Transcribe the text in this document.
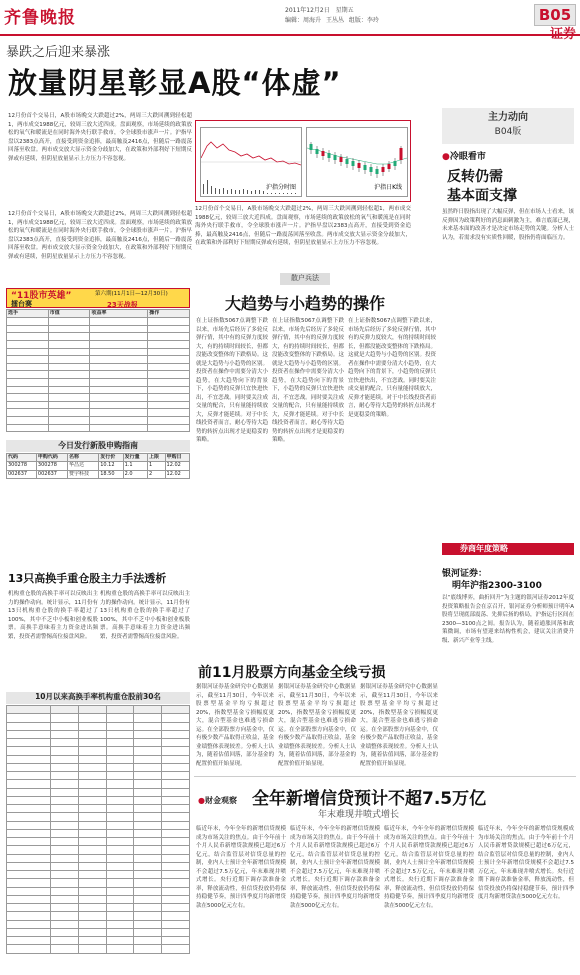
齐鲁晚报	2011年12月2日 星期五
编辑：周海升 王丛丛 组版：李玲	B05
证券
暴跌之后迎来暴涨
放量阴星彰显A股“体虚”
主力动向
B04版
12月份首个交易日，A股市场晚交大跌超过2%，两周三大跌回溯到轻松超1，两市成交1988亿元，较周三放大近四成。盘面观察，市场延续的政策放松的氧气和暖流是在同时海外央行联手救市，令全球股市涨声一片。沪指早盘以2383点高开，直接受到资金追捧，最高触及2416点，但随后一路震荡回落至收盘。两市成交放大显示资金分歧加大，在政策和外部利好下短期反弹或有延续，但阴星放量显示上方压力不容忽视。
沪指分时图	沪指日K线
12月份首个交易日，A股市场晚交大跌超过2%，两周三大跌回溯到轻松超1，两市成交1988亿元，较周三放大近四成。盘面观察，市场延续的政策放松的氧气和暖流是在同时海外央行联手救市，令全球股市涨声一片。沪指早盘以2383点高开，直接受到资金追捧，最高触及2416点，但随后一路震荡回落至收盘。两市成交放大显示资金分歧加大，在政策和外部利好下短期反弹或有延续，但阴星放量显示上方压力不容忽视。
12月份首个交易日，A股市场晚交大跌超过2%，两周三大跌回溯到轻松超1，两市成交1988亿元，较周三放大近四成。盘面观察，市场延续的政策放松的氧气和暖流是在同时海外央行联手救市，令全球股市涨声一片。沪指早盘以2383点高开，直接受到资金追捧，最高触及2416点，但随后一路震荡回落至收盘。两市成交放大显示资金分歧加大，在政策和外部利好下短期反弹或有延续，但阴星放量显示上方压力不容忽视。
●冷眼看市
反转仍需
基本面支撑
虽然昨日股指出现了大幅反弹，但在市场人士看来，该反弹因为政策利好的消息面刺激为主，难言底部已现，未来基本面的改善才是决定市场走势的关键。分析人士认为，若需求没有实质性回暖，股指仍将面临压力。
“11股市英雄”
擂台赛
第六期(11月1日—12月30日)
23天战报
选手	市值	收益率	操作

今日发行新股申购指南
代码	申购代码	名称	发行价	发行量	上限	申购日
300278	300278	华昌达	10.12	1.1	1	12.02
002637	002637	赞宇科技	18.50	2.0	2	12.02
13只高换手重仓股主力手法透析
机构重仓股的高换手率可以反映出主力的操作动向。统计显示，11月份有13只机构重仓股的换手率超过了100%，其中不乏中小板和创业板股票。高换手意味着主力资金进出频繁，投资者需警惕高位接盘风险。
机构重仓股的高换手率可以反映出主力的操作动向。统计显示，11月份有13只机构重仓股的换手率超过了100%，其中不乏中小板和创业板股票。高换手意味着主力资金进出频繁，投资者需警惕高位接盘风险。
10月以来高换手率机构重仓股前30名

散户兵法
大趋势与小趋势的操作
在上证指数5067点调整下跌以来，市场先后经历了多轮反弹行情，其中有的反弹力度较大，有的持续时间较长，但都没能改变整体的下跌格局。这就是大趋势与小趋势的区别。投资者在操作中需要分清大小趋势，在大趋势向下的背景下，小趋势的反弹只宜快进快出，不宜恋战。同时要关注成交量的配合，只有量能持续放大，反弹才能延续。对于中长线投资者而言，耐心等待大趋势的转折点出现才是更稳妥的策略。
在上证指数5067点调整下跌以来，市场先后经历了多轮反弹行情，其中有的反弹力度较大，有的持续时间较长，但都没能改变整体的下跌格局。这就是大趋势与小趋势的区别。投资者在操作中需要分清大小趋势，在大趋势向下的背景下，小趋势的反弹只宜快进快出，不宜恋战。同时要关注成交量的配合，只有量能持续放大，反弹才能延续。对于中长线投资者而言，耐心等待大趋势的转折点出现才是更稳妥的策略。
在上证指数5067点调整下跌以来，市场先后经历了多轮反弹行情，其中有的反弹力度较大，有的持续时间较长，但都没能改变整体的下跌格局。这就是大趋势与小趋势的区别。投资者在操作中需要分清大小趋势，在大趋势向下的背景下，小趋势的反弹只宜快进快出，不宜恋战。同时要关注成交量的配合，只有量能持续放大，反弹才能延续。对于中长线投资者而言，耐心等待大趋势的转折点出现才是更稳妥的策略。
券商年度策略
银河证券：
明年沪指2300-3100
以“底线博弈，曲折回升”为主题的银河证券2012年度投资策略报告会在京召开，银河证券分析师预计明年A股将呈现底部震荡、先抑后扬的格局，沪指运行区间在2300—3100点之间。报告认为，随着通胀回落和政策微调，市场有望迎来结构性机会，建议关注消费升级、新兴产业等主线。
前11月股票方向基金全线亏损
据银河证券基金研究中心数据显示，截至11月30日，今年以来股票型基金平均亏损超过20%，指数型基金亏损幅度更大，混合型基金也难逃亏损命运。在全部股票方向基金中，仅有极少数产品取得正收益，基金业绩整体表现较差。分析人士认为，随着估值回落，部分基金的配置价值开始显现。
据银河证券基金研究中心数据显示，截至11月30日，今年以来股票型基金平均亏损超过20%，指数型基金亏损幅度更大，混合型基金也难逃亏损命运。在全部股票方向基金中，仅有极少数产品取得正收益，基金业绩整体表现较差。分析人士认为，随着估值回落，部分基金的配置价值开始显现。
据银河证券基金研究中心数据显示，截至11月30日，今年以来股票型基金平均亏损超过20%，指数型基金亏损幅度更大，混合型基金也难逃亏损命运。在全部股票方向基金中，仅有极少数产品取得正收益，基金业绩整体表现较差。分析人士认为，随着估值回落，部分基金的配置价值开始显现。
●财金观察 全年新增信贷预计不超7.5万亿
年末难现井喷式增长
临近年末，今年全年的新增信贷规模成为市场关注的焦点。由于今年前十个月人民币新增贷款规模已超过6万亿元，结合监管层对信贷总量的控制，业内人士预计全年新增信贷规模不会超过7.5万亿元，年末难现井喷式增长。央行近期下调存款准备金率，释放流动性，但信贷投放仍将保持稳健节奏，预计四季度月均新增贷款在5000亿元左右。
临近年末，今年全年的新增信贷规模成为市场关注的焦点。由于今年前十个月人民币新增贷款规模已超过6万亿元，结合监管层对信贷总量的控制，业内人士预计全年新增信贷规模不会超过7.5万亿元，年末难现井喷式增长。央行近期下调存款准备金率，释放流动性，但信贷投放仍将保持稳健节奏，预计四季度月均新增贷款在5000亿元左右。
临近年末，今年全年的新增信贷规模成为市场关注的焦点。由于今年前十个月人民币新增贷款规模已超过6万亿元，结合监管层对信贷总量的控制，业内人士预计全年新增信贷规模不会超过7.5万亿元，年末难现井喷式增长。央行近期下调存款准备金率，释放流动性，但信贷投放仍将保持稳健节奏，预计四季度月均新增贷款在5000亿元左右。
临近年末，今年全年的新增信贷规模成为市场关注的焦点。由于今年前十个月人民币新增贷款规模已超过6万亿元，结合监管层对信贷总量的控制，业内人士预计全年新增信贷规模不会超过7.5万亿元，年末难现井喷式增长。央行近期下调存款准备金率，释放流动性，但信贷投放仍将保持稳健节奏，预计四季度月均新增贷款在5000亿元左右。
